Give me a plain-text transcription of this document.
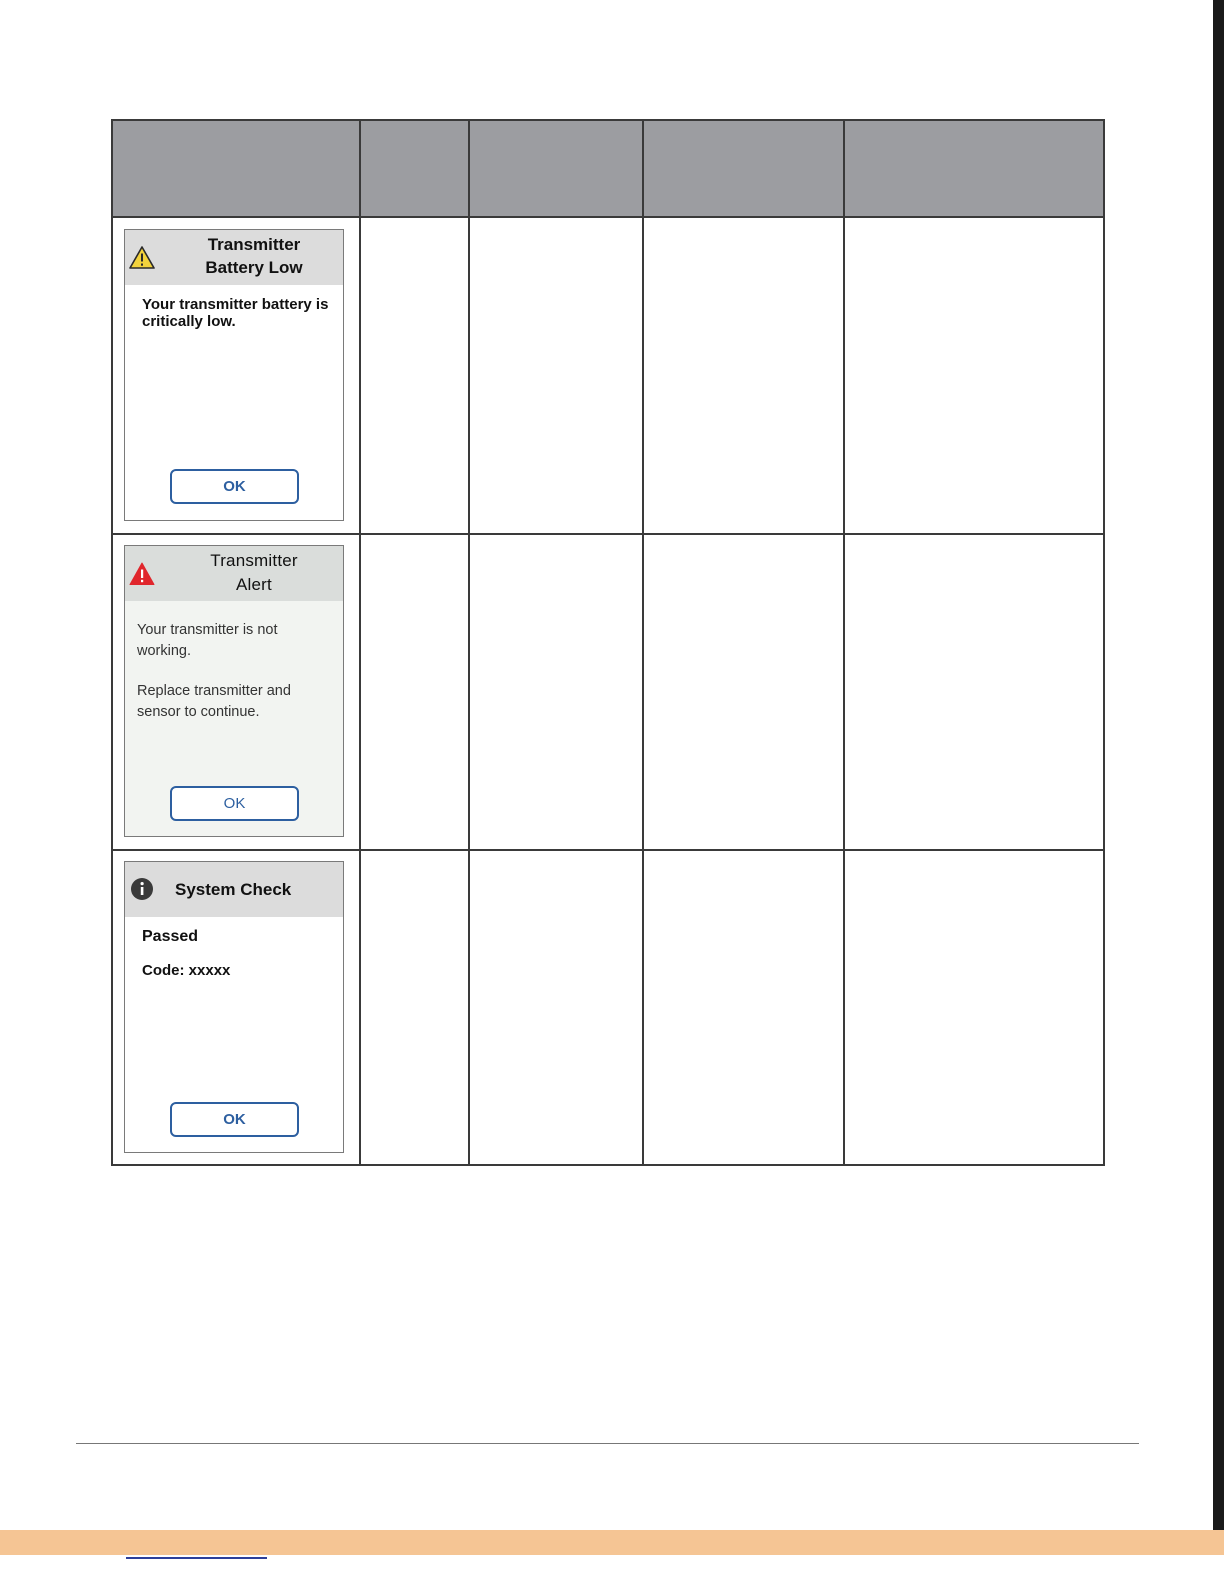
Transmitter
Battery Low
Your transmitter battery is critically low.
OK
Transmitter
Alert
Your transmitter is not working.
Replace transmitter and sensor to continue.
OK
System Check
Passed
Code: xxxxx
OK
